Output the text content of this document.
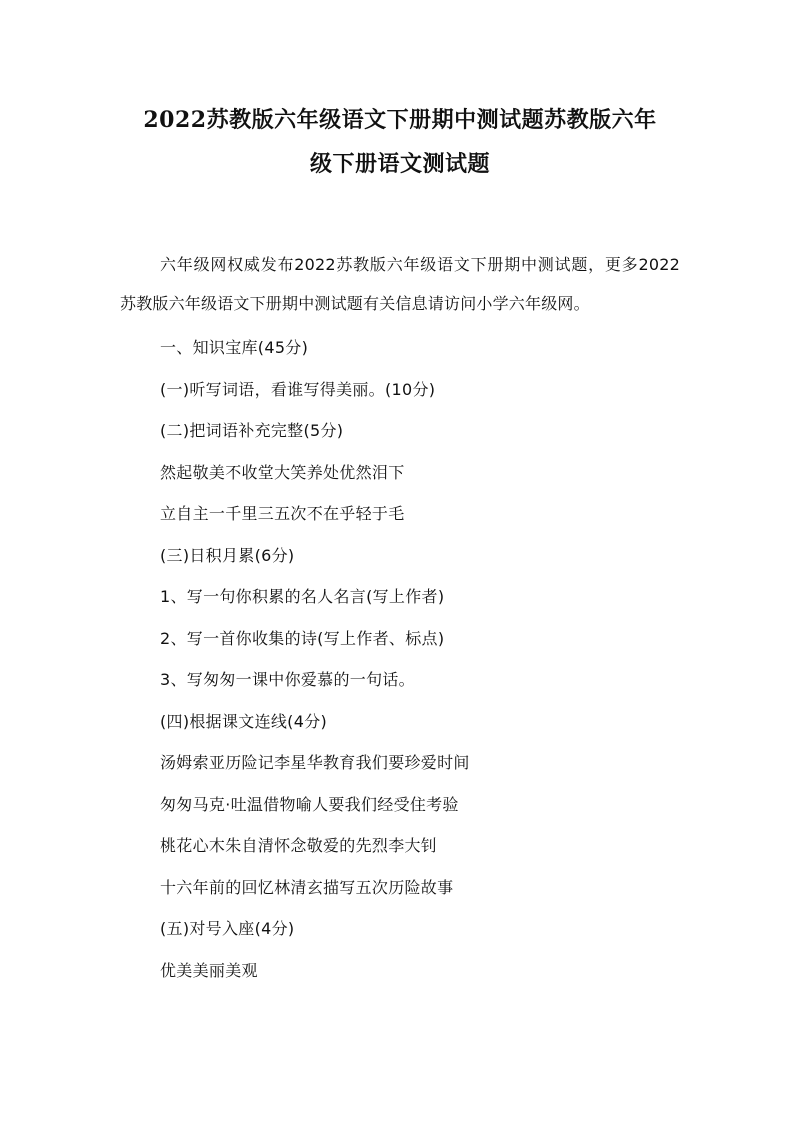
2022苏教版六年级语文下册期中测试题苏教版六年
级下册语文测试题

六年级网权威发布2022苏教版六年级语文下册期中测试题，更多2022苏教版六年级语文下册期中测试题有关信息请访问小学六年级网。

一、知识宝库(45分)

(一)听写词语，看谁写得美丽。(10分)

(二)把词语补充完整(5分)

然起敬美不收堂大笑养处优然泪下

立自主一千里三五次不在乎轻于毛

(三)日积月累(6分)

1、写一句你积累的名人名言(写上作者)

2、写一首你收集的诗(写上作者、标点)

3、写匆匆一课中你爱慕的一句话。

(四)根据课文连线(4分)

汤姆索亚历险记李星华教育我们要珍爱时间

匆匆马克·吐温借物喻人要我们经受住考验

桃花心木朱自清怀念敬爱的先烈李大钊

十六年前的回忆林清玄描写五次历险故事

(五)对号入座(4分)

优美美丽美观
